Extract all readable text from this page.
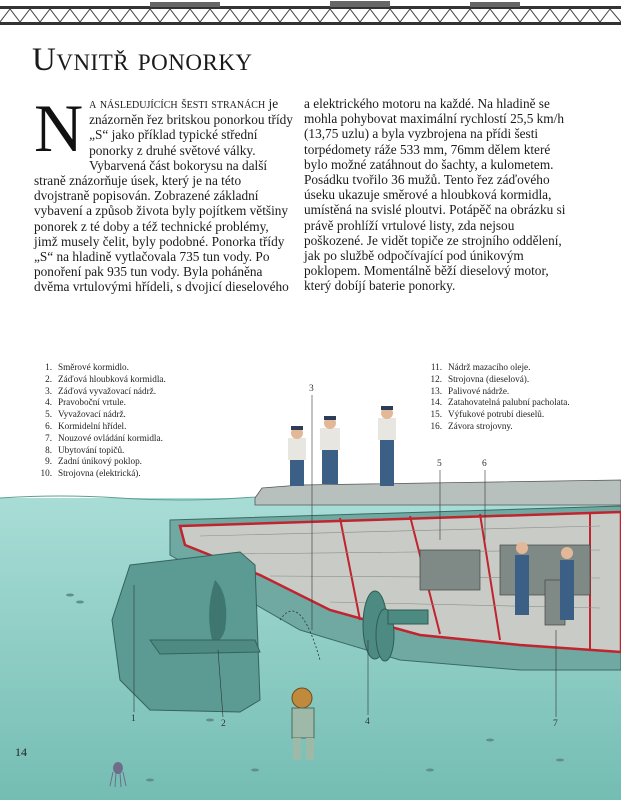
Uvnitř ponorky
Na následujících šesti stranách je znázorněn řez britskou ponorkou třídy „S“ jako příklad typické střední ponorky z druhé světové války. Vybarvená část bokorysu na další straně znázorňuje úsek, který je na této dvojstraně popisován. Zobrazené základní vybavení a způsob života byly pojítkem většiny ponorek z té doby a též technické problémy, jimž musely čelit, byly podobné. Ponorka třídy „S“ na hladině vytlačovala 735 tun vody. Po ponoření pak 935 tun vody. Byla poháněna dvěma vrtulovými hřídeli, s dvojicí dieselového
a elektrického motoru na každé. Na hladině se mohla pohybovat maximální rychlostí 25,5 km/h (13,75 uzlu) a byla vyzbrojena na přídi šesti torpédomety ráže 533 mm, 76mm dělem které bylo možné zatáhnout do šachty, a kulometem. Posádku tvořilo 36 mužů. Tento řez záďového úseku ukazuje směrové a hloubková kormidla, umístěná na svislé ploutvi. Potápěč na obrázku si právě prohlíží vrtulové listy, zda nejsou poškozené. Je vidět topiče ze strojního oddělení, jak po službě odpočívající pod únikovým poklopem. Momentálně běží dieselový motor, který dobíjí baterie ponorky.
1	2
3
4
5	6
7
1. Směrové kormidlo.
2. Záďová hloubková kormidla.
3. Záďová vyvažovací nádrž.
4. Pravoboční vrtule.
5. Vyvažovací nádrž.
6. Kormidelní hřídel.
7. Nouzové ovládání kormidla.
8. Ubytování topičů.
9. Zadní únikový poklop.
10. Strojovna (elektrická).
11. Nádrž mazacího oleje.
12. Strojovna (dieselová).
13. Palivové nádrže.
14. Zatahovatelná palubní pacholata.
15. Výfukové potrubí dieselů.
16. Závora strojovny.
14
